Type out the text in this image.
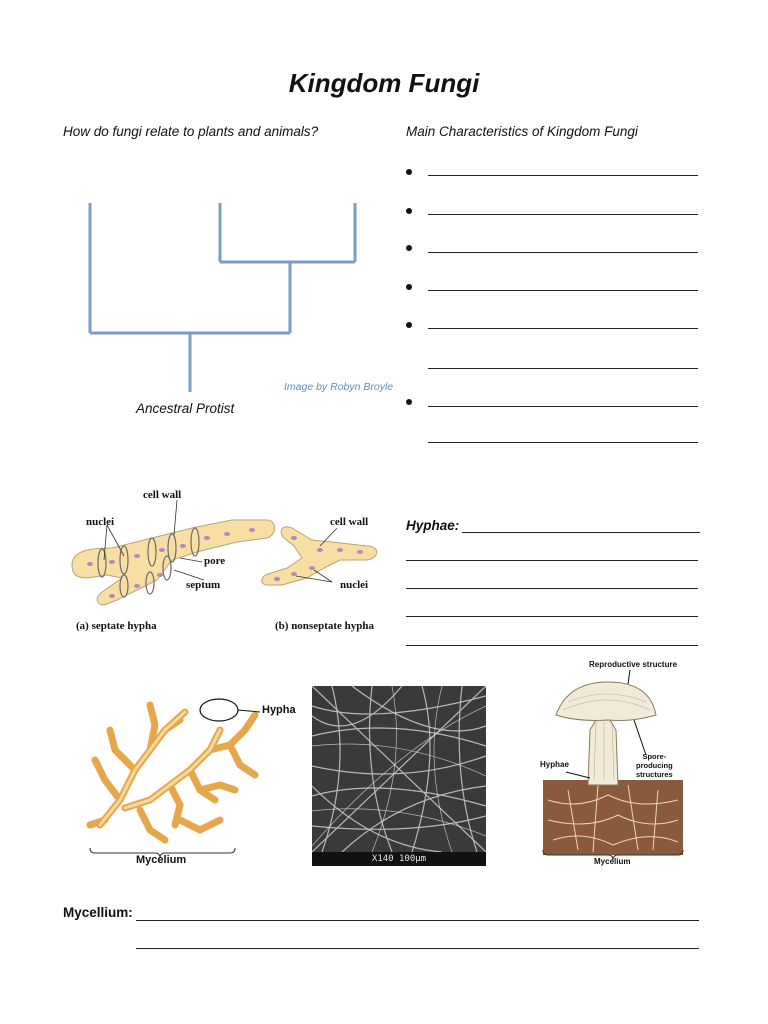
Kingdom Fungi
How do fungi relate to plants and animals?	Main Characteristics of Kingdom Fungi
Image by Robyn Broyle
Ancestral Protist
cell wall
nuclei
pore
septum
cell wall
nuclei
(a) septate hypha	(b) nonseptate hypha
Hyphae:
Hypha
Mycelium	X140 100µm
Reproductive structure
Spore-
producing
structures
Hyphae
Mycelium
Mycellium:
